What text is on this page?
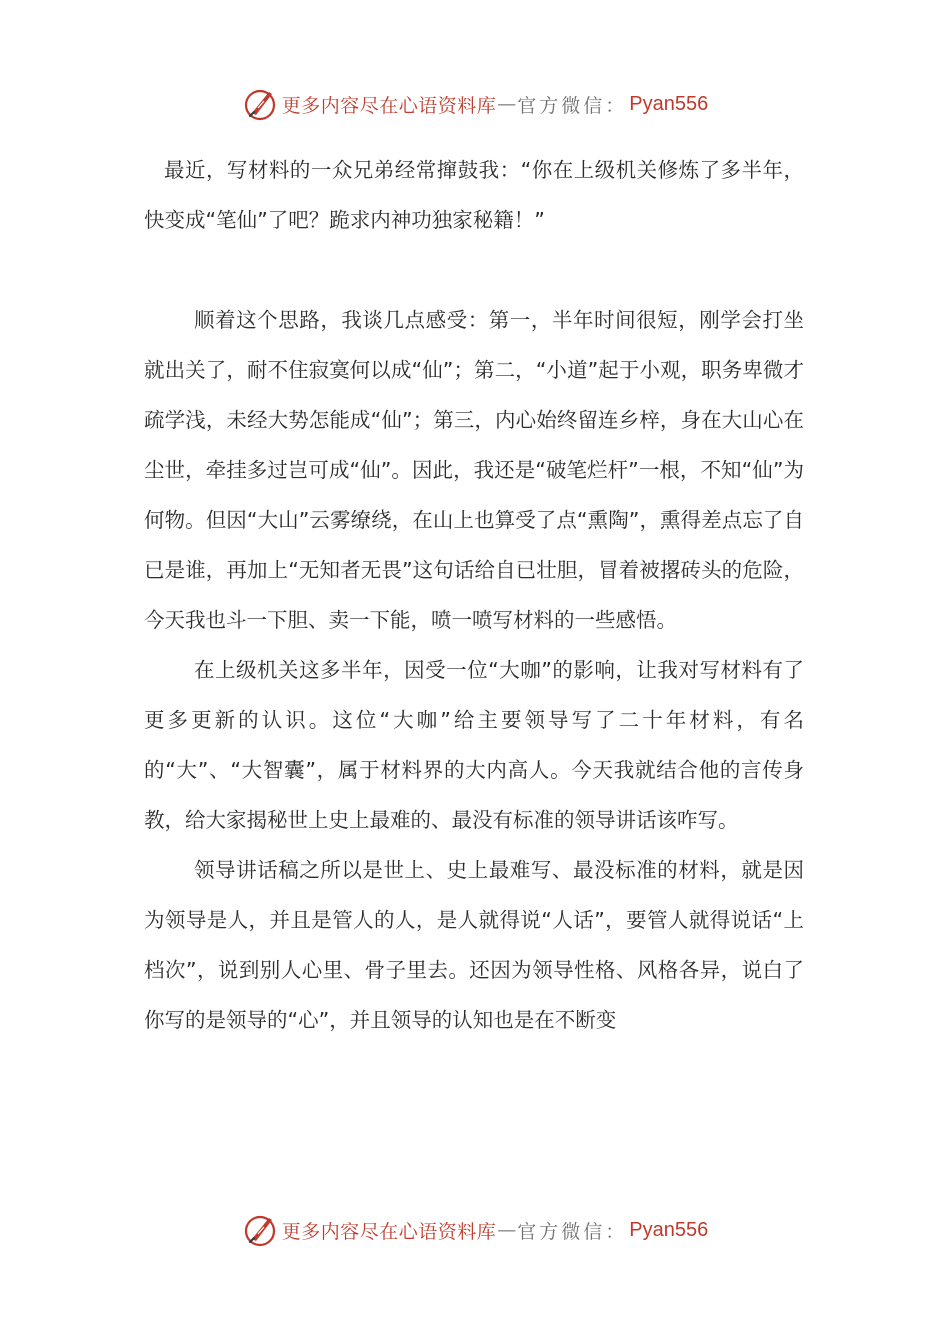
更多内容尽在心语资料库 — 官方微信： Pyan556

最近，写材料的一众兄弟经常撺鼓我：“你在上级机关修炼了多半年，快变成“笔仙”了吧？跪求内神功独家秘籍！”

顺着这个思路，我谈几点感受：第一，半年时间很短，刚学会打坐就出关了，耐不住寂寞何以成“仙”；第二，“小道”起于小观，职务卑微才疏学浅，未经大势怎能成“仙”；第三，内心始终留连乡梓，身在大山心在尘世，牵挂多过岂可成“仙”。因此，我还是“破笔烂杆”一根，不知“仙”为何物。但因“大山”云雾缭绕，在山上也算受了点“熏陶”，熏得差点忘了自已是谁，再加上“无知者无畏”这句话给自已壮胆，冒着被撂砖头的危险，今天我也斗一下胆、卖一下能，喷一喷写材料的一些感悟。

在上级机关这多半年，因受一位“大咖”的影响，让我对写材料有了更多更新的认识。这位“大咖”给主要领导写了二十年材料，有名的“大”、“大智囊”，属于材料界的大内高人。今天我就结合他的言传身教，给大家揭秘世上史上最难的、最没有标准的领导讲话该咋写。

领导讲话稿之所以是世上、史上最难写、最没标准的材料，就是因为领导是人，并且是管人的人，是人就得说“人话”，要管人就得说话“上档次”，说到别人心里、骨子里去。还因为领导性格、风格各异，说白了你写的是领导的“心”，并且领导的认知也是在不断变

更多内容尽在心语资料库 — 官方微信： Pyan556
